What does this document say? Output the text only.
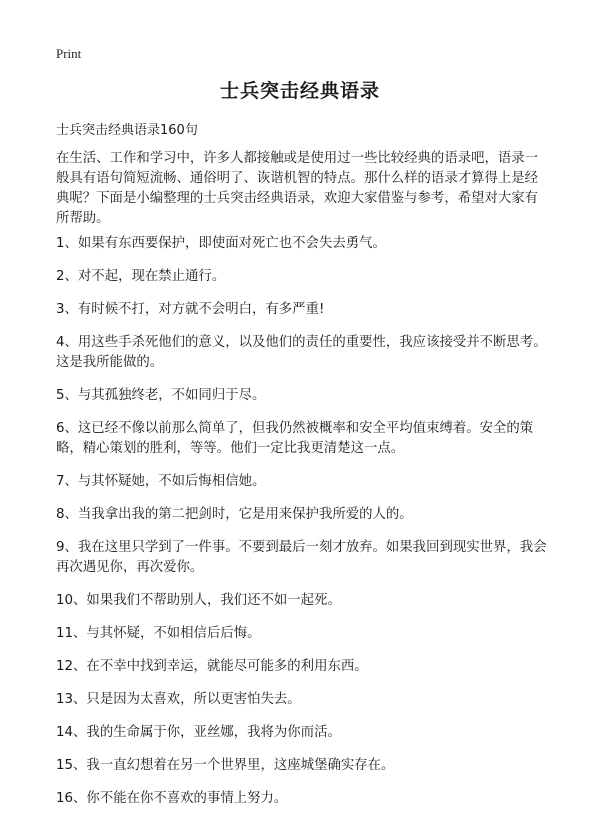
Print
士兵突击经典语录

士兵突击经典语录160句

在生活、工作和学习中，许多人都接触或是使用过一些比较经典的语录吧，语录一般具有语句简短流畅、通俗明了、诙谐机智的特点。那什么样的语录才算得上是经典呢？下面是小编整理的士兵突击经典语录，欢迎大家借鉴与参考，希望对大家有所帮助。

1、如果有东西要保护，即使面对死亡也不会失去勇气。
2、对不起，现在禁止通行。
3、有时候不打，对方就不会明白，有多严重!
4、用这些手杀死他们的意义，以及他们的责任的重要性，我应该接受并不断思考。这是我所能做的。
5、与其孤独终老，不如同归于尽。
6、这已经不像以前那么简单了，但我仍然被概率和安全平均值束缚着。安全的策略，精心策划的胜利，等等。他们一定比我更清楚这一点。
7、与其怀疑她，不如后悔相信她。
8、当我拿出我的第二把剑时，它是用来保护我所爱的人的。
9、我在这里只学到了一件事。不要到最后一刻才放弃。如果我回到现实世界，我会再次遇见你，再次爱你。
10、如果我们不帮助别人，我们还不如一起死。
11、与其怀疑，不如相信后后悔。
12、在不幸中找到幸运，就能尽可能多的利用东西。
13、只是因为太喜欢，所以更害怕失去。
14、我的生命属于你，亚丝娜，我将为你而活。
15、我一直幻想着在另一个世界里，这座城堡确实存在。
16、你不能在你不喜欢的事情上努力。
